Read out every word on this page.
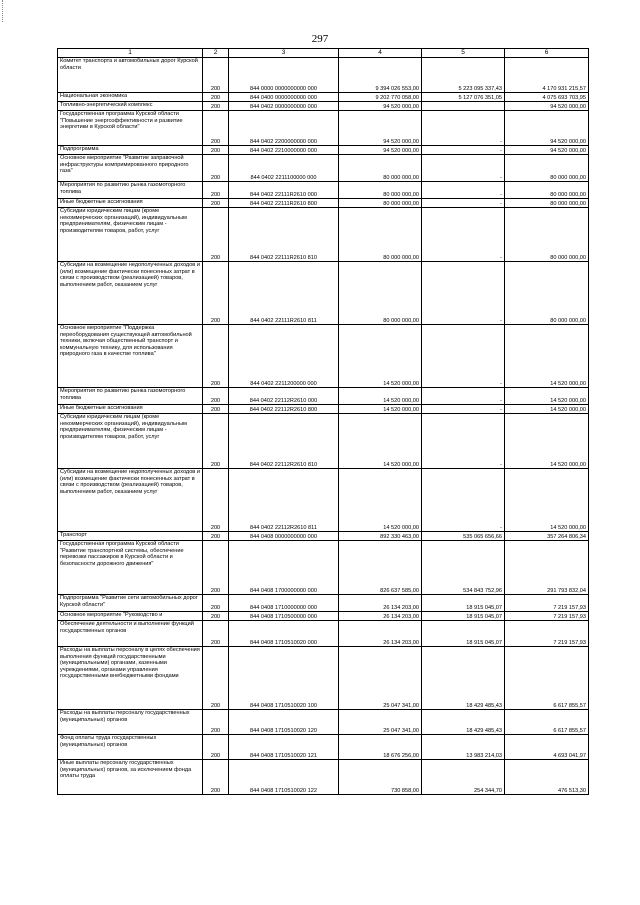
297
1	2	3	4	5	6
Комитет транспорта и автомобильных дорог Курской области	200	844 0000 0000000000 000	9 394 026 553,00	5 223 095 337,43	4 170 931 215,57
Национальная экономика	200	844 0400 0000000000 000	9 202 770 058,00	5 127 076 351,05	4 075 693 703,95
Топливно-энергетический комплекс	200	844 0402 0000000000 000	94 520 000,00		94 520 000,00
Государственная программа Курской области "Повышение энергоэффективности и развитие энергетики в Курской области"	200	844 0402 2200000000 000	94 520 000,00	-	94 520 000,00
Подпрограмма	200	844 0402 2210000000 000	94 520 000,00	-	94 520 000,00
Основное мероприятие "Развитие заправочной инфраструктуры компримированного природного газа"	200	844 0402 2211100000 000	80 000 000,00	-	80 000 000,00
Мероприятия по развитию рынка газомоторного топлива	200	844 0402 22111R2610 000	80 000 000,00	-	80 000 000,00
Иные бюджетные ассигнования	200	844 0402 22111R2610 800	80 000 000,00	-	80 000 000,00
Субсидии юридическим лицам (кроме некоммерческих организаций), индивидуальным предпринимателям, физическим лицам - производителям товаров, работ, услуг	200	844 0402 22111R2610 810	80 000 000,00	-	80 000 000,00
Субсидии на возмещение недополученных доходов и (или) возмещение фактически понесенных затрат в связи с производством (реализацией) товаров, выполнением работ, оказанием услуг	200	844 0402 22111R2610 811	80 000 000,00	-	80 000 000,00
Основное мероприятие "Поддержка переоборудования существующей автомобильной техники, включая общественный транспорт и коммунальную технику, для использования природного газа в качестве топлива"	200	844 0402 2211200000 000	14 520 000,00	-	14 520 000,00
Мероприятия по развитию рынка газомоторного топлива	200	844 0402 22112R2610 000	14 520 000,00	-	14 520 000,00
Иные бюджетные ассигнования	200	844 0402 22112R2610 800	14 520 000,00	-	14 520 000,00
Субсидии юридическим лицам (кроме некоммерческих организаций), индивидуальным предпринимателям, физическим лицам - производителям товаров, работ, услуг	200	844 0402 22112R2610 810	14 520 000,00	-	14 520 000,00
Субсидии на возмещение недополученных доходов и (или) возмещение фактически понесенных затрат в связи с производством (реализацией) товаров, выполнением работ, оказанием услуг	200	844 0402 22112R2610 811	14 520 000,00	-	14 520 000,00
Транспорт	200	844 0408 0000000000 000	892 330 463,00	535 065 656,66	357 264 806,34
Государственная программа Курской области "Развитие транспортной системы, обеспечение перевозки пассажиров в Курской области и безопасности дорожного движения"	200	844 0408 1700000000 000	826 637 585,00	534 843 752,96	291 793 832,04
Подпрограмма "Развитие сети автомобильных дорог Курской области"	200	844 0408 1710000000 000	26 134 203,00	18 915 045,07	7 219 157,93
Основное мероприятие "Руководство и	200	844 0408 1710500000 000	26 134 203,00	18 915 045,07	7 219 157,93
Обеспечение деятельности и выполнение функций государственных органов	200	844 0408 1710510020 000	26 134 203,00	18 915 045,07	7 219 157,93
Расходы на выплаты персоналу в целях обеспечения выполнения функций государственными (муниципальными) органами, казенными учреждениями, органами управления государственными внебюджетными фондами	200	844 0408 1710510020 100	25 047 341,00	18 429 485,43	6 617 855,57
Расходы на выплаты персоналу государственных (муниципальных) органов	200	844 0408 1710510020 120	25 047 341,00	18 429 485,43	6 617 855,57
Фонд оплаты труда государственных (муниципальных) органов	200	844 0408 1710510020 121	18 676 256,00	13 983 214,03	4 693 041,97
Иные выплаты персоналу государственных (муниципальных) органов, за исключением фонда оплаты труда	200	844 0408 1710510020 122	730 858,00	254 344,70	476 513,30
